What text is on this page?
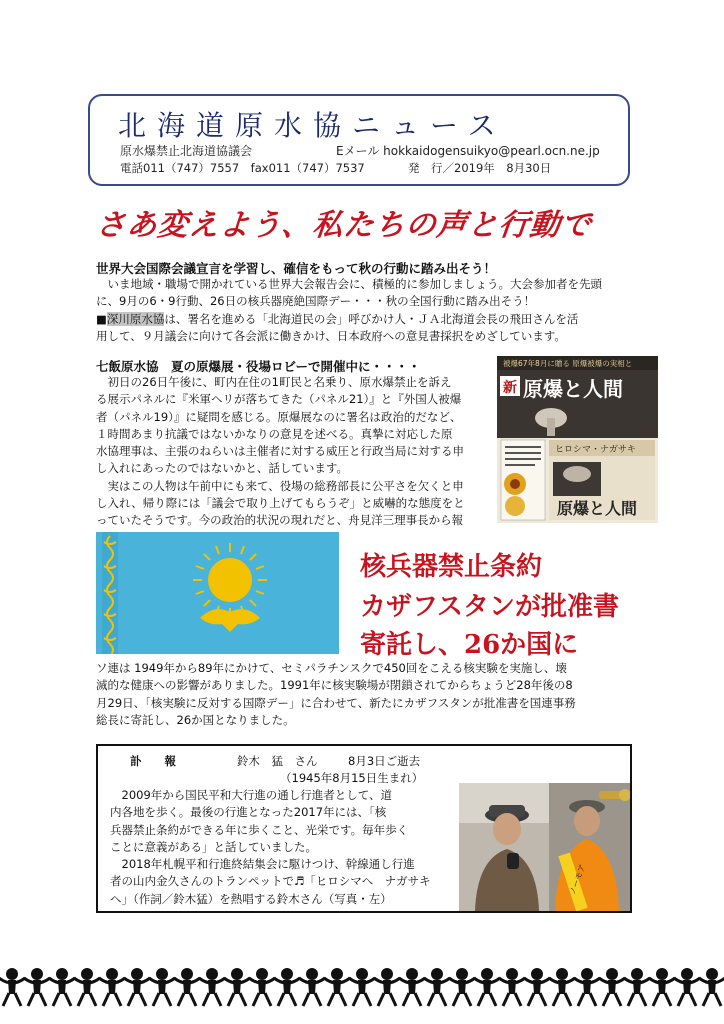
北海道原水協ニュース
原水爆禁止北海道協議会	Eメール hokkaidogensuikyo@pearl.ocn.ne.jp
電話011（747）7557　fax011（747）7537	発　行／2019年　8月30日
さあ変えよう、私たちの声と行動で
世界大会国際会議宣言を学習し、確信をもって秋の行動に踏み出そう！
　いま地域・職場で開かれている世界大会報告会に、積極的に参加しましょう。大会参加者を先頭
に、9月の6・9行動、26日の核兵器廃絶国際デー・・・秋の全国行動に踏み出そう！
■深川原水協は、署名を進める「北海道民の会」呼びかけ人・ＪＡ北海道会長の飛田さんを活
用して、９月議会に向けて各会派に働きかけ、日本政府への意見書採択をめざしています。
七飯原水協　夏の原爆展・役場ロビーで開催中に・・・・
　初日の26日午後に、町内在住の1町民と名乗り、原水爆禁止を訴え
る展示パネルに『米軍ヘリが落ちてきた（パネル21）』と『外国人被爆
者（パネル19）』に疑問を感じる。原爆展なのに署名は政治的だなど、
１時間あまり抗議ではないかなりの意見を述べる。真摯に対応した原
水協理事は、主張のねらいは主催者に対する威圧と行政当局に対する申
し入れにあったのではないかと、話しています。
　実はこの人物は午前中にも来て、役場の総務部長に公平さを欠くと申
し入れ、帰り際には「議会で取り上げてもらうぞ」と威嚇的な態度をと
っていたそうです。今の政治的状況の現れだと、舟見洋三理事長から報
被爆67年8月に贈る 原爆被爆の実相と
新 原爆と人間
ヒロシマ・ナガサキ
原爆と人間
核兵器禁止条約
カザフスタンが批准書
寄託し、26か国に
ソ連は 1949年から89年にかけて、セミパラチンスクで450回をこえる核実験を実施し、壊
滅的な健康への影響がありました。1991年に核実験場が閉鎖されてからちょうど28年後の8
月29日、「核実験に反対する国際デー」に合わせて、新たにカザフスタンが批准書を国連事務
総長に寄託し、26か国となりました。
訃　　報	鈴木　猛　さん	8月3日ご逝去
（1945年8月15日生まれ）
　2009年から国民平和大行進の通し行進者として、道
内各地を歩く。最後の行進となった2017年には、「核
兵器禁止条約ができる年に歩くこと、光栄です。毎年歩く
ことに意義がある」と話していました。
　2018年札幌平和行進終結集会に駆けつけ、幹線通し行進
者の山内金久さんのトランペットで♬「ヒロシマへ　ナガサキ
へ」（作詞／鈴木猛）を熱唱する鈴木さん（写真・左）
ノーモア
